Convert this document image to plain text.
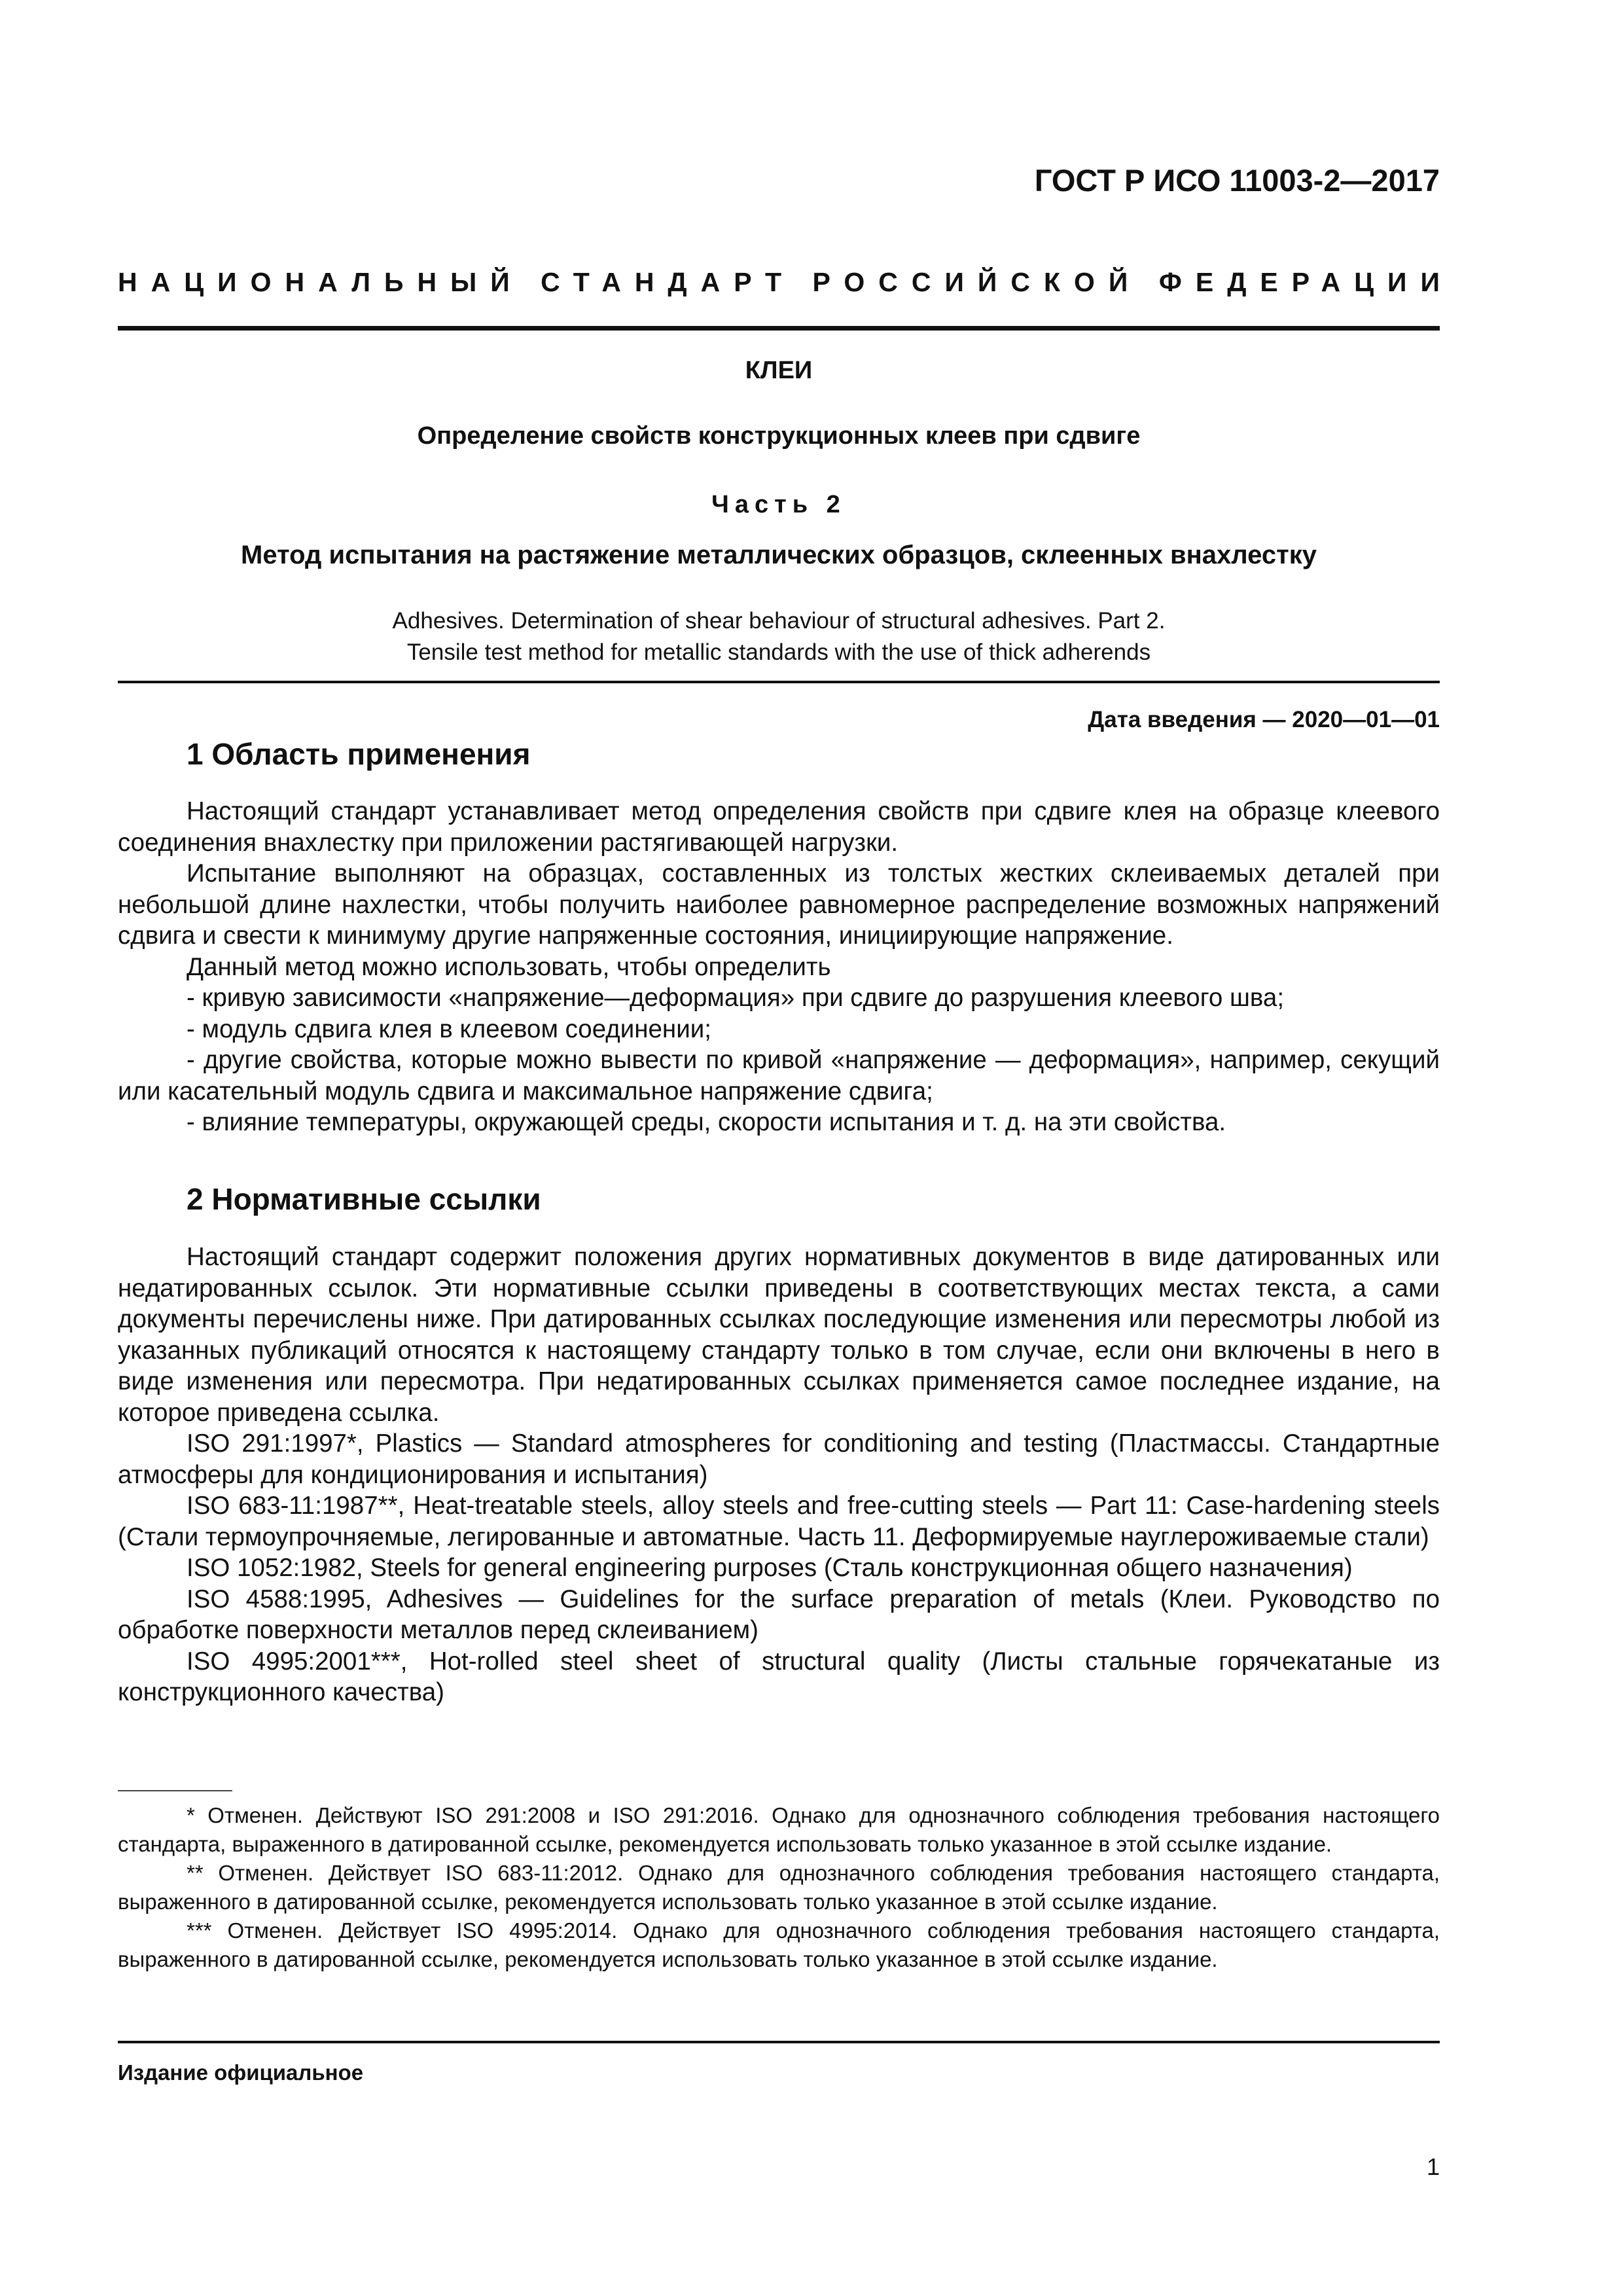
ГОСТ Р ИСО 11003-2—2017
НАЦИОНАЛЬНЫЙ СТАНДАРТ РОССИЙСКОЙ ФЕДЕРАЦИИ
КЛЕИ
Определение свойств конструкционных клеев при сдвиге
Часть 2
Метод испытания на растяжение металлических образцов, склеенных внахлестку
Adhesives. Determination of shear behaviour of structural adhesives. Part 2.
Tensile test method for metallic standards with the use of thick adherends
Дата введения — 2020—01—01
1 Область применения

Настоящий стандарт устанавливает метод определения свойств при сдвиге клея на образце клеевого соединения внахлестку при приложении растягивающей нагрузки.

Испытание выполняют на образцах, составленных из толстых жестких склеиваемых деталей при небольшой длине нахлестки, чтобы получить наиболее равномерное распределение возможных напряжений сдвига и свести к минимуму другие напряженные состояния, инициирующие напряжение.

Данный метод можно использовать, чтобы определить

- кривую зависимости «напряжение—деформация» при сдвиге до разрушения клеевого шва;

- модуль сдвига клея в клеевом соединении;

- другие свойства, которые можно вывести по кривой «напряжение — деформация», например, секущий или касательный модуль сдвига и максимальное напряжение сдвига;

- влияние температуры, окружающей среды, скорости испытания и т. д. на эти свойства.

2 Нормативные ссылки

Настоящий стандарт содержит положения других нормативных документов в виде датированных или недатированных ссылок. Эти нормативные ссылки приведены в соответствующих местах текста, а сами документы перечислены ниже. При датированных ссылках последующие изменения или пересмотры любой из указанных публикаций относятся к настоящему стандарту только в том случае, если они включены в него в виде изменения или пересмотра. При недатированных ссылках применяется самое последнее издание, на которое приведена ссылка.

ISO 291:1997*, Plastics — Standard atmospheres for conditioning and testing (Пластмассы. Стандартные атмосферы для кондиционирования и испытания)

ISO 683-11:1987**, Heat-treatable steels, alloy steels and free-cutting steels — Part 11: Case-hardening steels (Стали термоупрочняемые, легированные и автоматные. Часть 11. Деформируемые науглероживаемые стали)

ISO 1052:1982, Steels for general engineering purposes (Сталь конструкционная общего назначения)

ISO 4588:1995, Adhesives — Guidelines for the surface preparation of metals (Клеи. Руководство по обработке поверхности металлов перед склеиванием)

ISO 4995:2001***, Hot-rolled steel sheet of structural quality (Листы стальные горячекатаные из конструкционного качества)

* Отменен. Действуют ISO 291:2008 и ISO 291:2016. Однако для однозначного соблюдения требования настоящего стандарта, выраженного в датированной ссылке, рекомендуется использовать только указанное в этой ссылке издание.

** Отменен. Действует ISO 683-11:2012. Однако для однозначного соблюдения требования настоящего стандарта, выраженного в датированной ссылке, рекомендуется использовать только указанное в этой ссылке издание.

*** Отменен. Действует ISO 4995:2014. Однако для однозначного соблюдения требования настоящего стандарта, выраженного в датированной ссылке, рекомендуется использовать только указанное в этой ссылке издание.

Издание официальное
1
